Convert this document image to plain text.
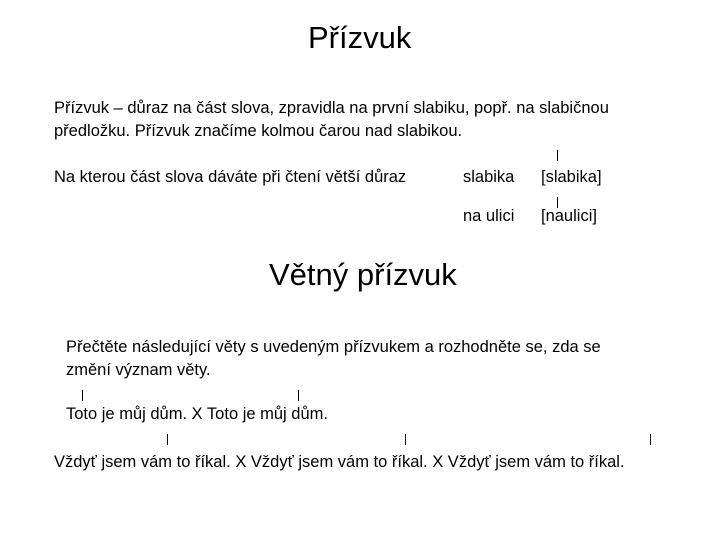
Přízvuk
Přízvuk – důraz na část slova, zpravidla na první slabiku, popř. na slabičnou
předložku. Přízvuk značíme kolmou čarou nad slabikou.
Na kterou část slova dáváte při čtení větší důraz	slabika [slabika]
na ulici [naulici]
Větný přízvuk
Přečtěte následující věty s uvedeným přízvukem a rozhodněte se, zda se
změní význam věty.
Toto je můj dům. X Toto je můj dům.
Vždyť jsem vám to říkal. X Vždyť jsem vám to říkal. X Vždyť jsem vám to říkal.
